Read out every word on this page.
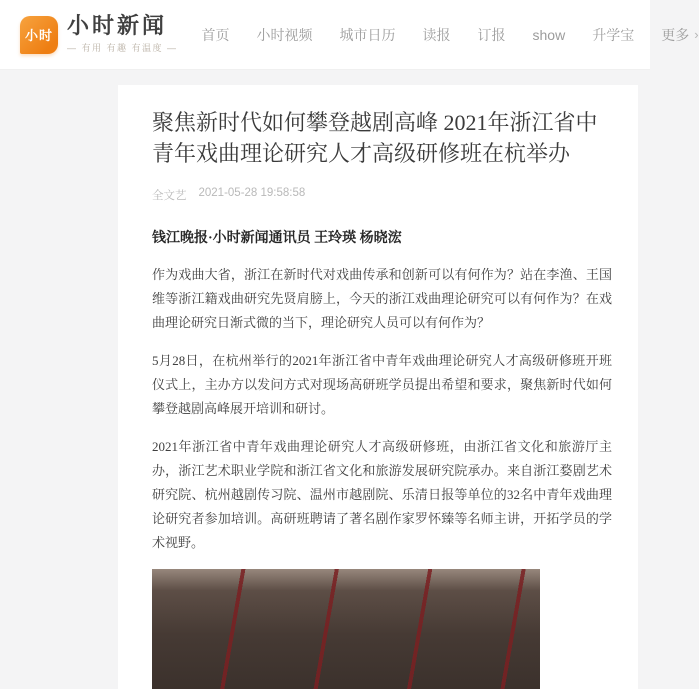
小时 小时新闻
— 有用 有趣 有温度 —
首页 小时视频 城市日历 读报 订报 show 升学宝 更多 ›
聚焦新时代如何攀登越剧高峰 2021年浙江省中青年戏曲理论研究人才高级研修班在杭举办
全文艺 2021-05-28 19:58:58
钱江晚报·小时新闻通讯员 王玲瑛 杨晓浤

作为戏曲大省，浙江在新时代对戏曲传承和创新可以有何作为？站在李渔、王国维等浙江籍戏曲研究先贤肩膀上，今天的浙江戏曲理论研究可以有何作为？在戏曲理论研究日渐式微的当下，理论研究人员可以有何作为？

5月28日，在杭州举行的2021年浙江省中青年戏曲理论研究人才高级研修班开班仪式上，主办方以发问方式对现场高研班学员提出希望和要求，聚焦新时代如何攀登越剧高峰展开培训和研讨。

2021年浙江省中青年戏曲理论研究人才高级研修班，由浙江省文化和旅游厅主办，浙江艺术职业学院和浙江省文化和旅游发展研究院承办。来自浙江婺剧艺术研究院、杭州越剧传习院、温州市越剧院、乐清日报等单位的32名中青年戏曲理论研究者参加培训。高研班聘请了著名剧作家罗怀臻等名师主讲，开拓学员的学术视野。
